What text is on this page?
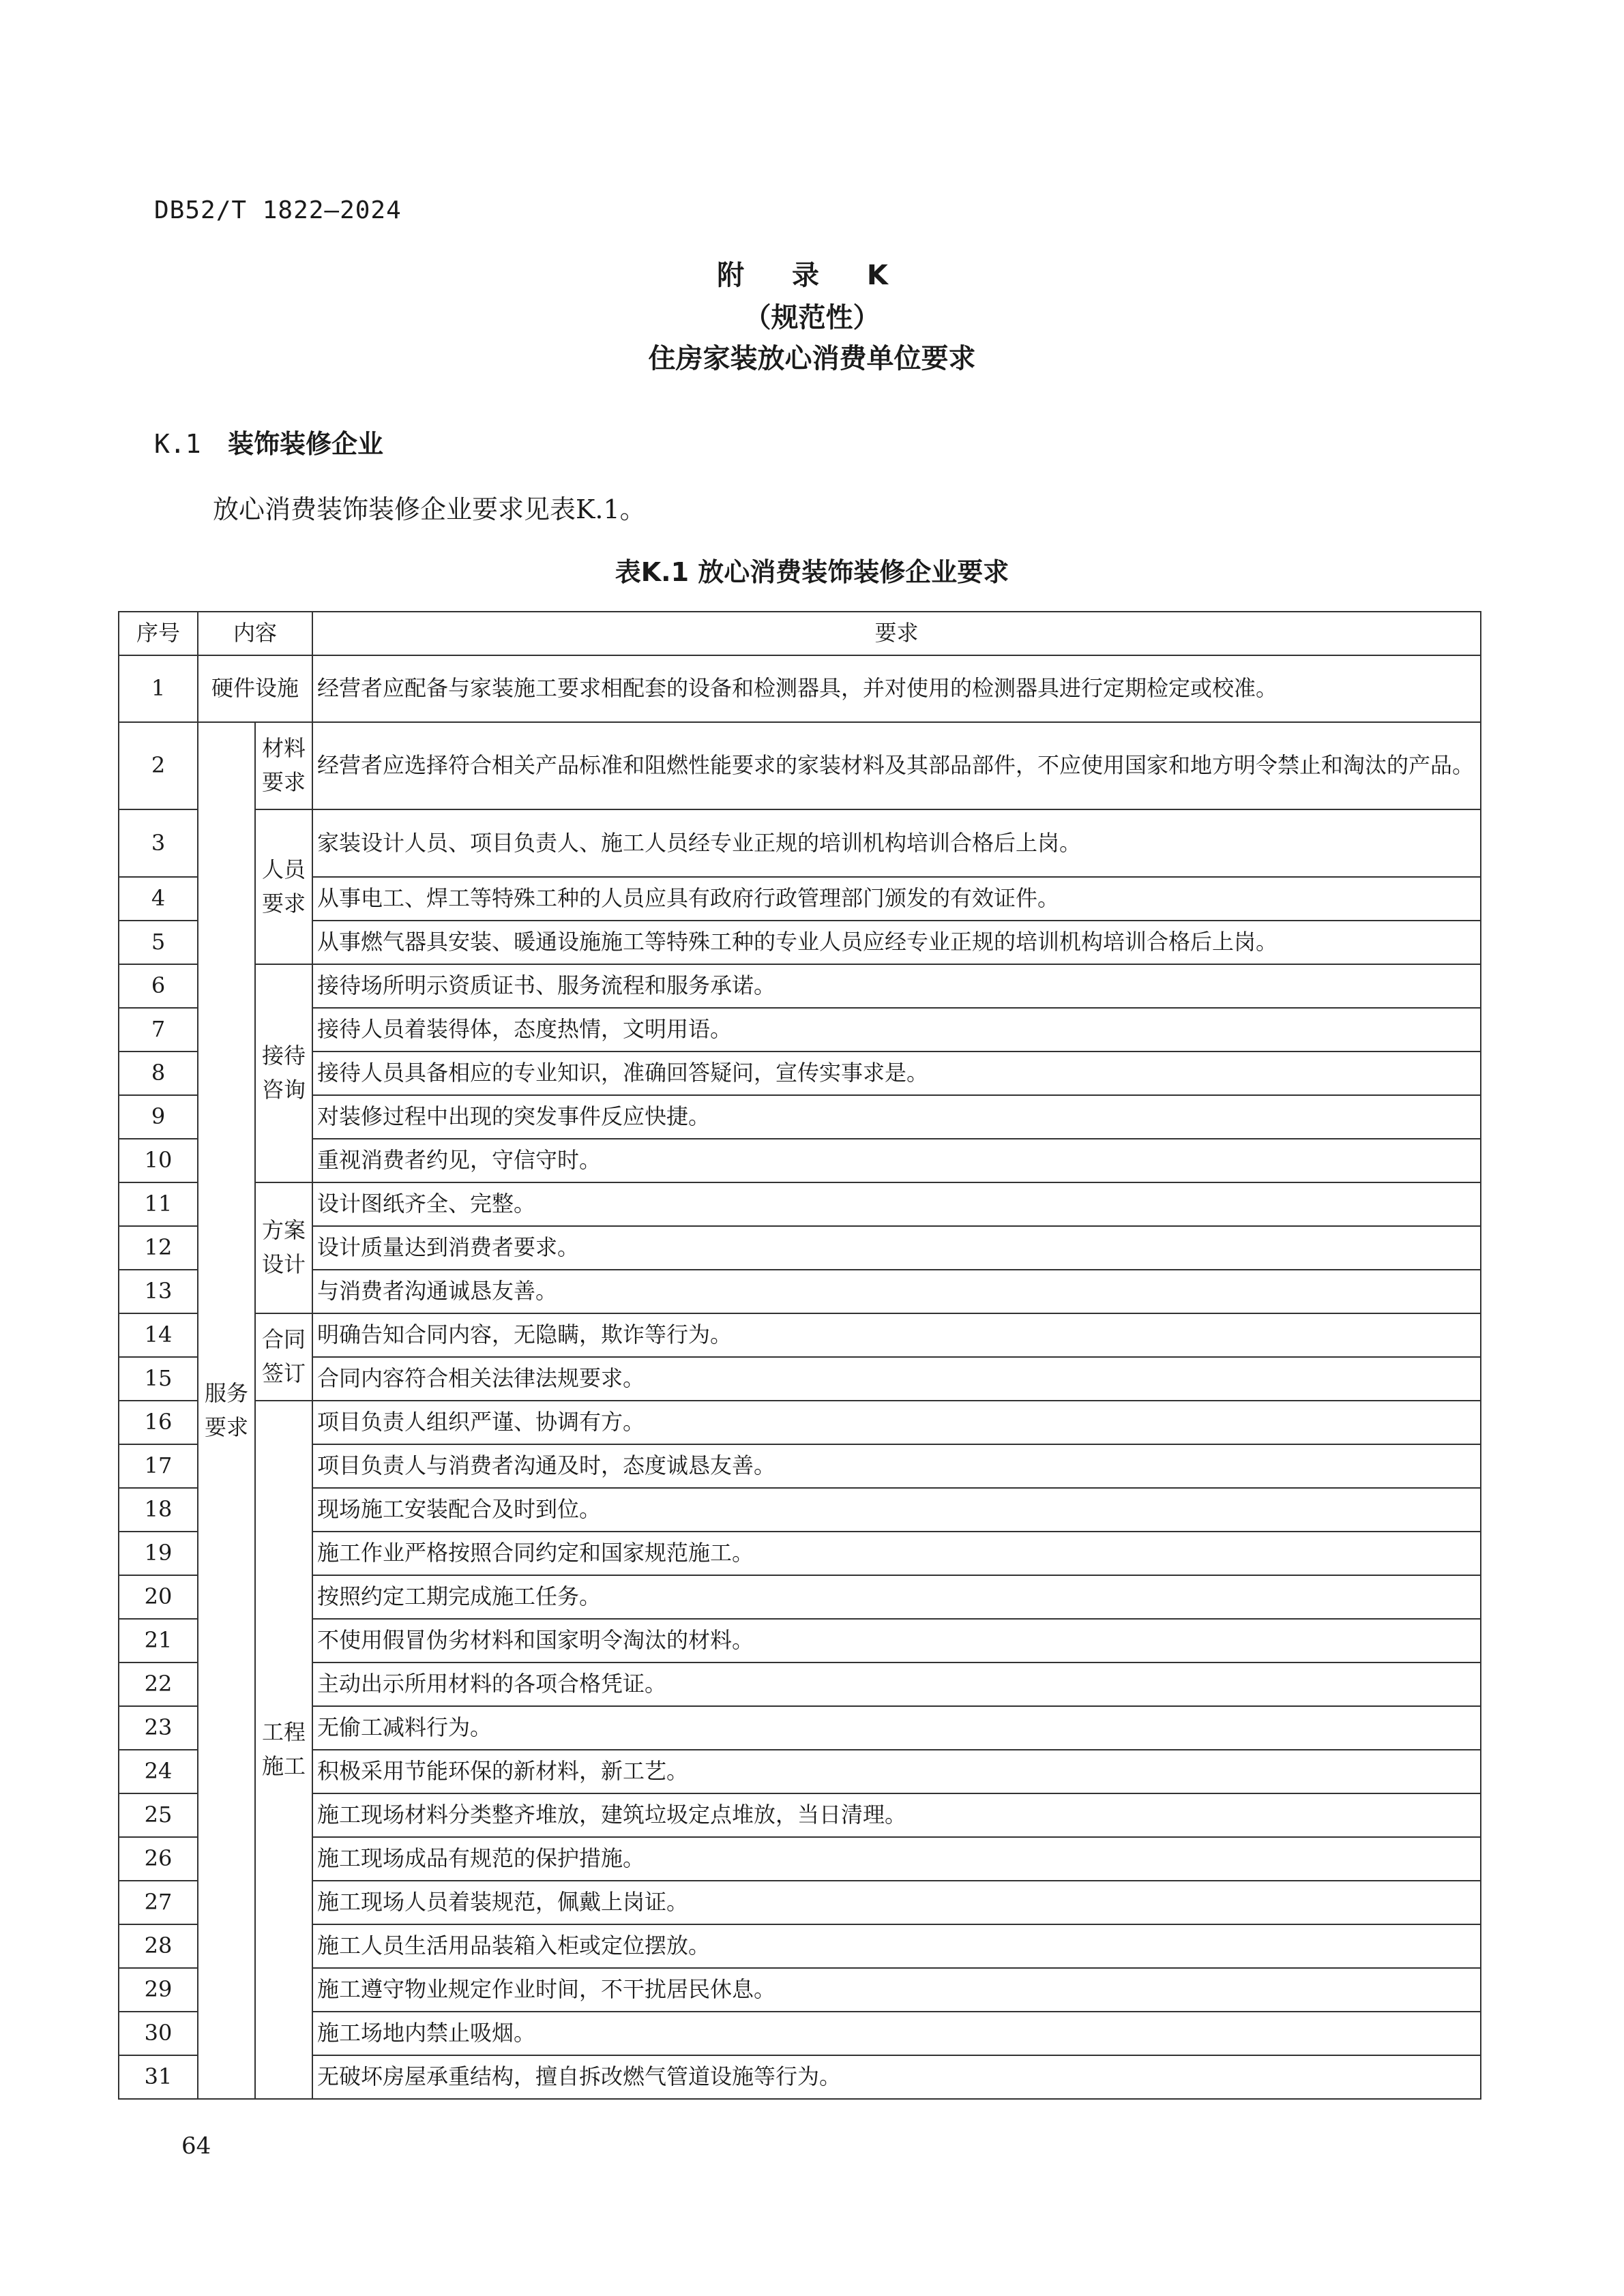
DB52/T 1822—2024
附 录 K
（规范性）
住房家装放心消费单位要求
K.1 装饰装修企业
放心消费装饰装修企业要求见表K.1。
表K.1 放心消费装饰装修企业要求
序号	内容		要求
1	硬件设施		经营者应配备与家装施工要求相配套的设备和检测器具，并对使用的检测器具进行定期检定或校准。
2	服务要求	材料要求	经营者应选择符合相关产品标准和阻燃性能要求的家装材料及其部品部件，不应使用国家和地方明令禁止和淘汰的产品。
3		人员要求	家装设计人员、项目负责人、施工人员经专业正规的培训机构培训合格后上岗。
4			从事电工、焊工等特殊工种的人员应具有政府行政管理部门颁发的有效证件。
5			从事燃气器具安装、暖通设施施工等特殊工种的专业人员应经专业正规的培训机构培训合格后上岗。
6		接待咨询	接待场所明示资质证书、服务流程和服务承诺。
7			接待人员着装得体，态度热情，文明用语。
8			接待人员具备相应的专业知识，准确回答疑问，宣传实事求是。
9			对装修过程中出现的突发事件反应快捷。
10			重视消费者约见，守信守时。
11		方案设计	设计图纸齐全、完整。
12			设计质量达到消费者要求。
13			与消费者沟通诚恳友善。
14		合同签订	明确告知合同内容，无隐瞒，欺诈等行为。
15			合同内容符合相关法律法规要求。
16		工程施工	项目负责人组织严谨、协调有方。
17			项目负责人与消费者沟通及时，态度诚恳友善。
18			现场施工安装配合及时到位。
19			施工作业严格按照合同约定和国家规范施工。
20			按照约定工期完成施工任务。
21			不使用假冒伪劣材料和国家明令淘汰的材料。
22			主动出示所用材料的各项合格凭证。
23			无偷工减料行为。
24			积极采用节能环保的新材料，新工艺。
25			施工现场材料分类整齐堆放，建筑垃圾定点堆放，当日清理。
26			施工现场成品有规范的保护措施。
27			施工现场人员着装规范，佩戴上岗证。
28			施工人员生活用品装箱入柜或定位摆放。
29			施工遵守物业规定作业时间，不干扰居民休息。
30			施工场地内禁止吸烟。
31			无破坏房屋承重结构，擅自拆改燃气管道设施等行为。
64
